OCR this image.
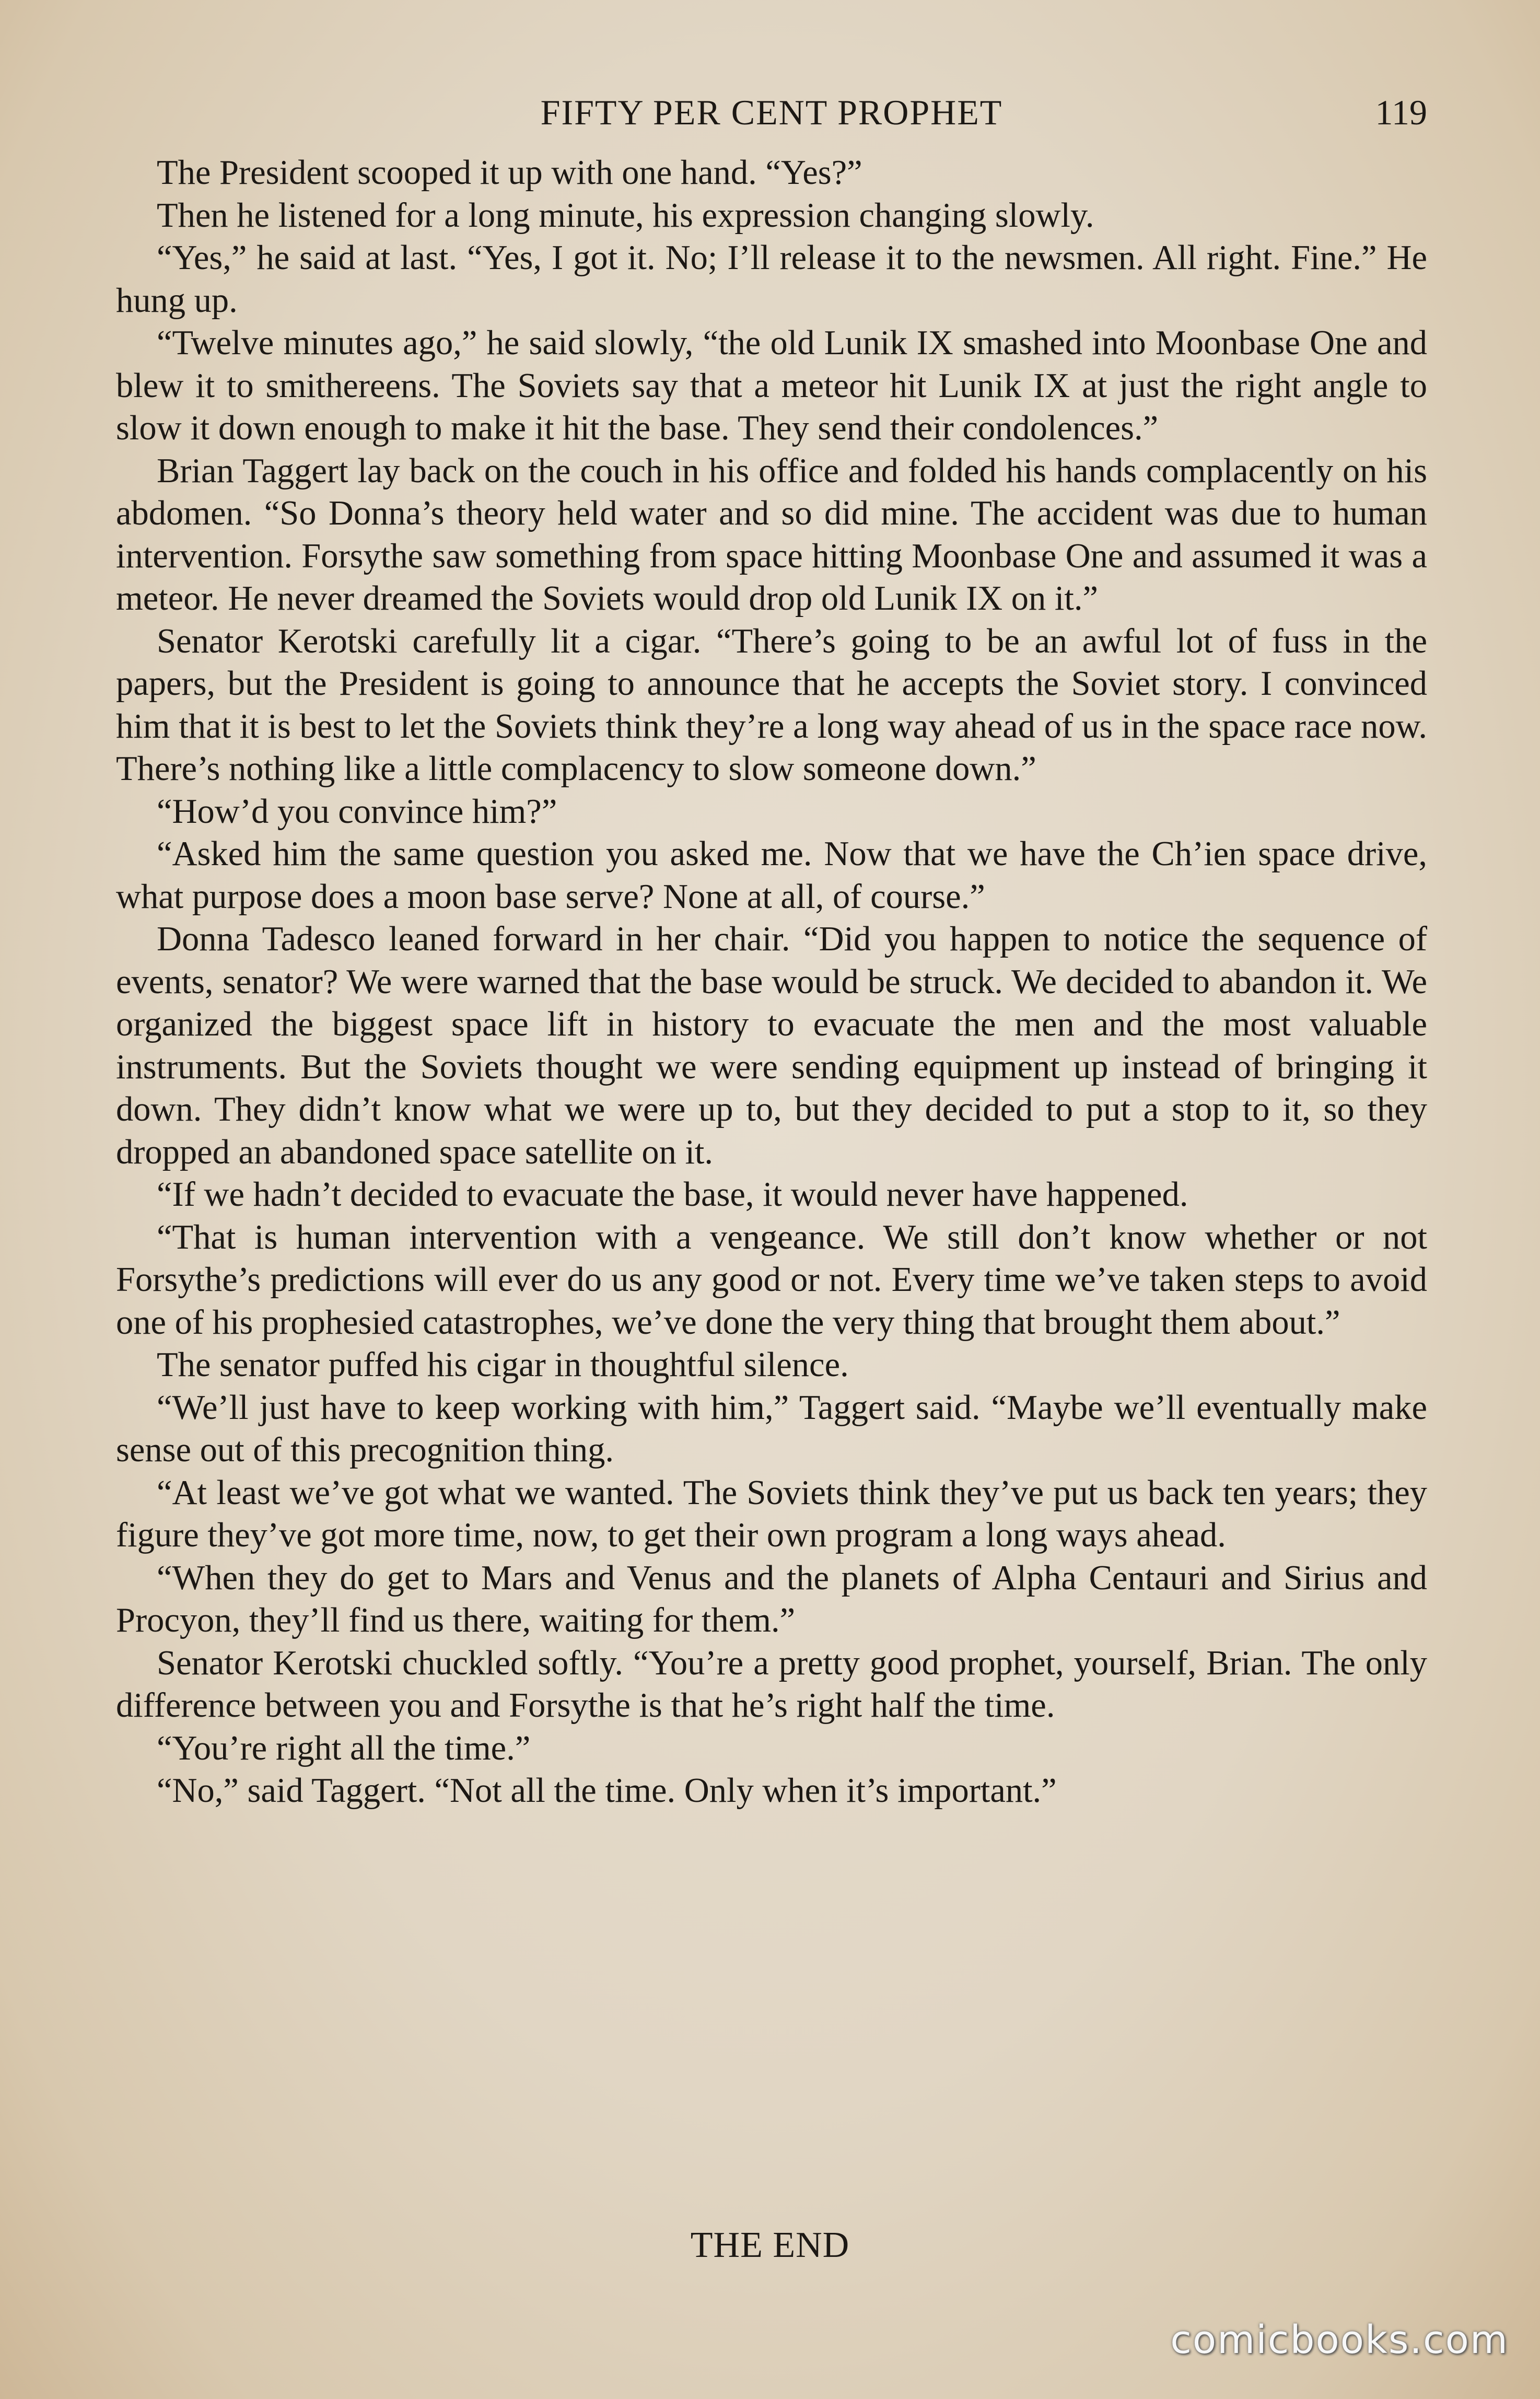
FIFTY PER CENT PROPHET	119

The President scooped it up with one hand. “Yes?”

Then he listened for a long minute, his expression changing slowly.

“Yes,” he said at last. “Yes, I got it. No; I’ll release it to the newsmen. All right. Fine.” He hung up.

“Twelve minutes ago,” he said slowly, “the old Lunik IX smashed into Moonbase One and blew it to smithereens. The Soviets say that a meteor hit Lunik IX at just the right angle to slow it down enough to make it hit the base. They send their condolences.”

Brian Taggert lay back on the couch in his office and folded his hands complacently on his abdomen. “So Donna’s theory held water and so did mine. The accident was due to human intervention. Forsythe saw something from space hitting Moonbase One and assumed it was a meteor. He never dreamed the Soviets would drop old Lunik IX on it.”

Senator Kerotski carefully lit a cigar. “There’s going to be an awful lot of fuss in the papers, but the President is going to announce that he accepts the Soviet story. I convinced him that it is best to let the Soviets think they’re a long way ahead of us in the space race now. There’s nothing like a little complacency to slow someone down.”

“How’d you convince him?”

“Asked him the same question you asked me. Now that we have the Ch’ien space drive, what purpose does a moon base serve? None at all, of course.”

Donna Tadesco leaned forward in her chair. “Did you happen to notice the sequence of events, senator? We were warned that the base would be struck. We decided to abandon it. We organized the biggest space lift in history to evacuate the men and the most valuable instruments. But the Soviets thought we were sending equipment up instead of bringing it down. They didn’t know what we were up to, but they decided to put a stop to it, so they dropped an abandoned space satellite on it.

“If we hadn’t decided to evacuate the base, it would never have happened.

“That is human intervention with a vengeance. We still don’t know whether or not Forsythe’s predictions will ever do us any good or not. Every time we’ve taken steps to avoid one of his prophesied catastrophes, we’ve done the very thing that brought them about.”

The senator puffed his cigar in thoughtful silence.

“We’ll just have to keep working with him,” Taggert said. “Maybe we’ll eventually make sense out of this precognition thing.

“At least we’ve got what we wanted. The Soviets think they’ve put us back ten years; they figure they’ve got more time, now, to get their own program a long ways ahead.

“When they do get to Mars and Venus and the planets of Alpha Centauri and Sirius and Procyon, they’ll find us there, waiting for them.”

Senator Kerotski chuckled softly. “You’re a pretty good prophet, yourself, Brian. The only difference between you and Forsythe is that he’s right half the time.

“You’re right all the time.”

“No,” said Taggert. “Not all the time. Only when it’s important.”

THE END
comicbooks.com
